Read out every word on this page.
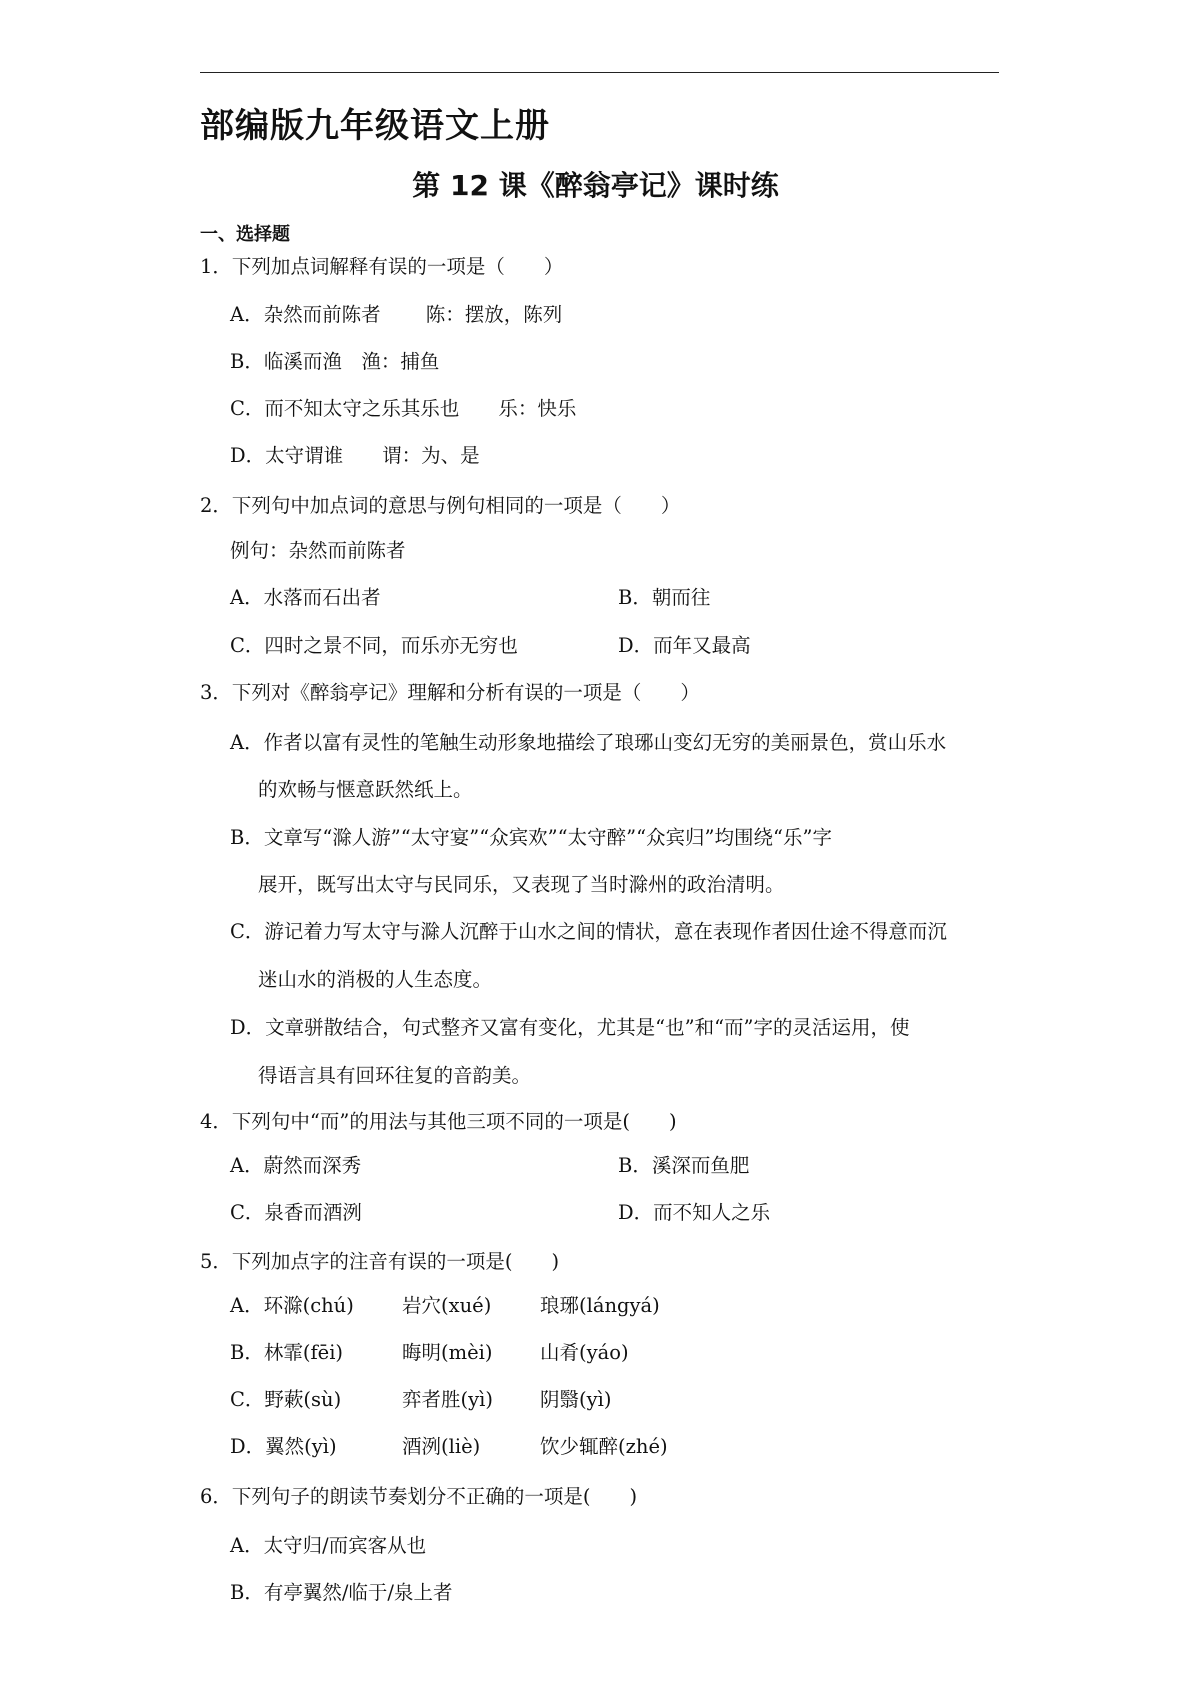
部编版九年级语文上册
第 12 课《醉翁亭记》课时练
一、选择题
1．下列加点词解释有误的一项是（　　）
A．杂然而前陈者　　 陈：摆放，陈列
B．临溪而渔　渔：捕鱼
C．而不知太守之乐其乐也　　乐：快乐
D．太守谓谁　　谓：为、是
2．下列句中加点词的意思与例句相同的一项是（　　）
例句：杂然而前陈者
A．水落而石出者	B．朝而往
C．四时之景不同，而乐亦无穷也	D．而年又最高
3．下列对《醉翁亭记》理解和分析有误的一项是（　　）
A．作者以富有灵性的笔触生动形象地描绘了琅琊山变幻无穷的美丽景色，赏山乐水
的欢畅与惬意跃然纸上。
B．文章写“滁人游”“太守宴”“众宾欢”“太守醉”“众宾归”均围绕“乐”字
展开，既写出太守与民同乐，又表现了当时滁州的政治清明。
C．游记着力写太守与滁人沉醉于山水之间的情状，意在表现作者因仕途不得意而沉
迷山水的消极的人生态度。
D．文章骈散结合，句式整齐又富有变化，尤其是“也”和“而”字的灵活运用，使
得语言具有回环往复的音韵美。
4．下列句中“而”的用法与其他三项不同的一项是(　　)
A．蔚然而深秀	B．溪深而鱼肥
C．泉香而酒洌	D．而不知人之乐
5．下列加点字的注音有误的一项是(　　)
A．环滁(chú) 岩穴(xué) 琅琊(lángyá)
B．林霏(fēi)	晦明(mèi) 山肴(yáo)
C．野蔌(sù)	弈者胜(yì) 阴翳(yì)
D．翼然(yì)	酒洌(liè)	饮少辄醉(zhé)
6．下列句子的朗读节奏划分不正确的一项是(　　)
A．太守归/而宾客从也
B．有亭翼然/临于/泉上者
